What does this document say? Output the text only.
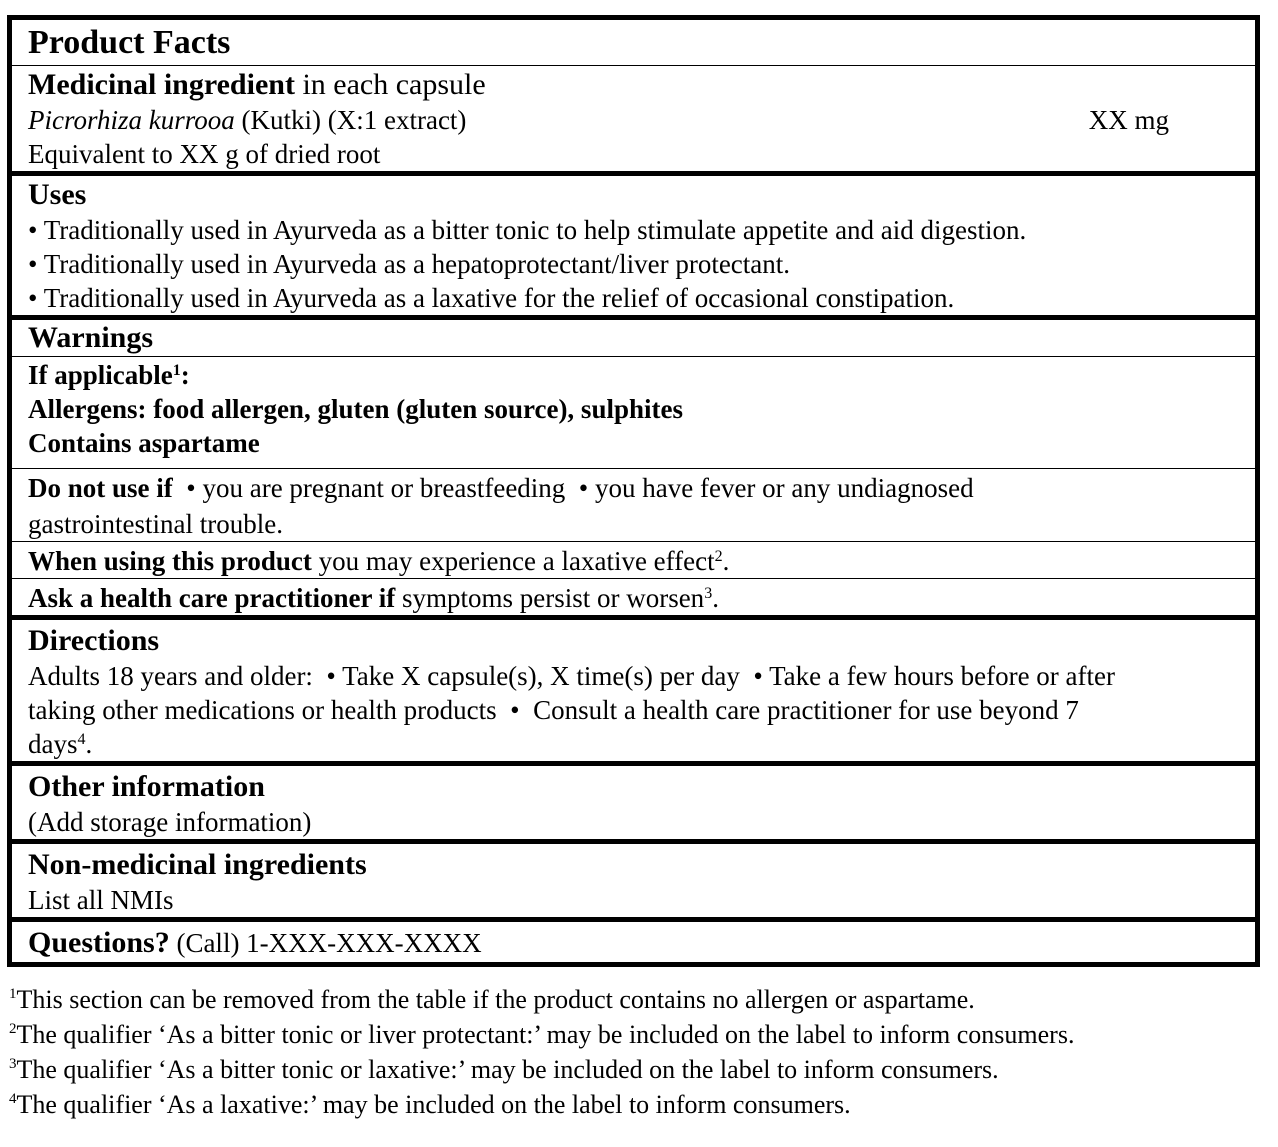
Product Facts
Medicinal ingredient in each capsule
Picrorhiza kurrooa (Kutki) (X:1 extract)	XX mg
Equivalent to XX g of dried root
Uses
• Traditionally used in Ayurveda as a bitter tonic to help stimulate appetite and aid digestion.
• Traditionally used in Ayurveda as a hepatoprotectant/liver protectant.
• Traditionally used in Ayurveda as a laxative for the relief of occasional constipation.
Warnings
If applicable$^1$:
Allergens: food allergen, gluten (gluten source), sulphites
Contains aspartame
Do not use if  • you are pregnant or breastfeeding  • you have fever or any undiagnosed
gastrointestinal trouble.
When using this product you may experience a laxative effect$^2$.
Ask a health care practitioner if symptoms persist or worsen$^3$.
Directions
Adults 18 years and older:  • Take X capsule(s), X time(s) per day  • Take a few hours before or after
taking other medications or health products  •  Consult a health care practitioner for use beyond 7
days$^4$.
Other information
(Add storage information)
Non-medicinal ingredients
List all NMIs
Questions? (Call) 1-XXX-XXX-XXXX
$^1$This section can be removed from the table if the product contains no allergen or aspartame.
$^2$The qualifier ‘As a bitter tonic or liver protectant:’ may be included on the label to inform consumers.
$^3$The qualifier ‘As a bitter tonic or laxative:’ may be included on the label to inform consumers.
$^4$The qualifier ‘As a laxative:’ may be included on the label to inform consumers.
